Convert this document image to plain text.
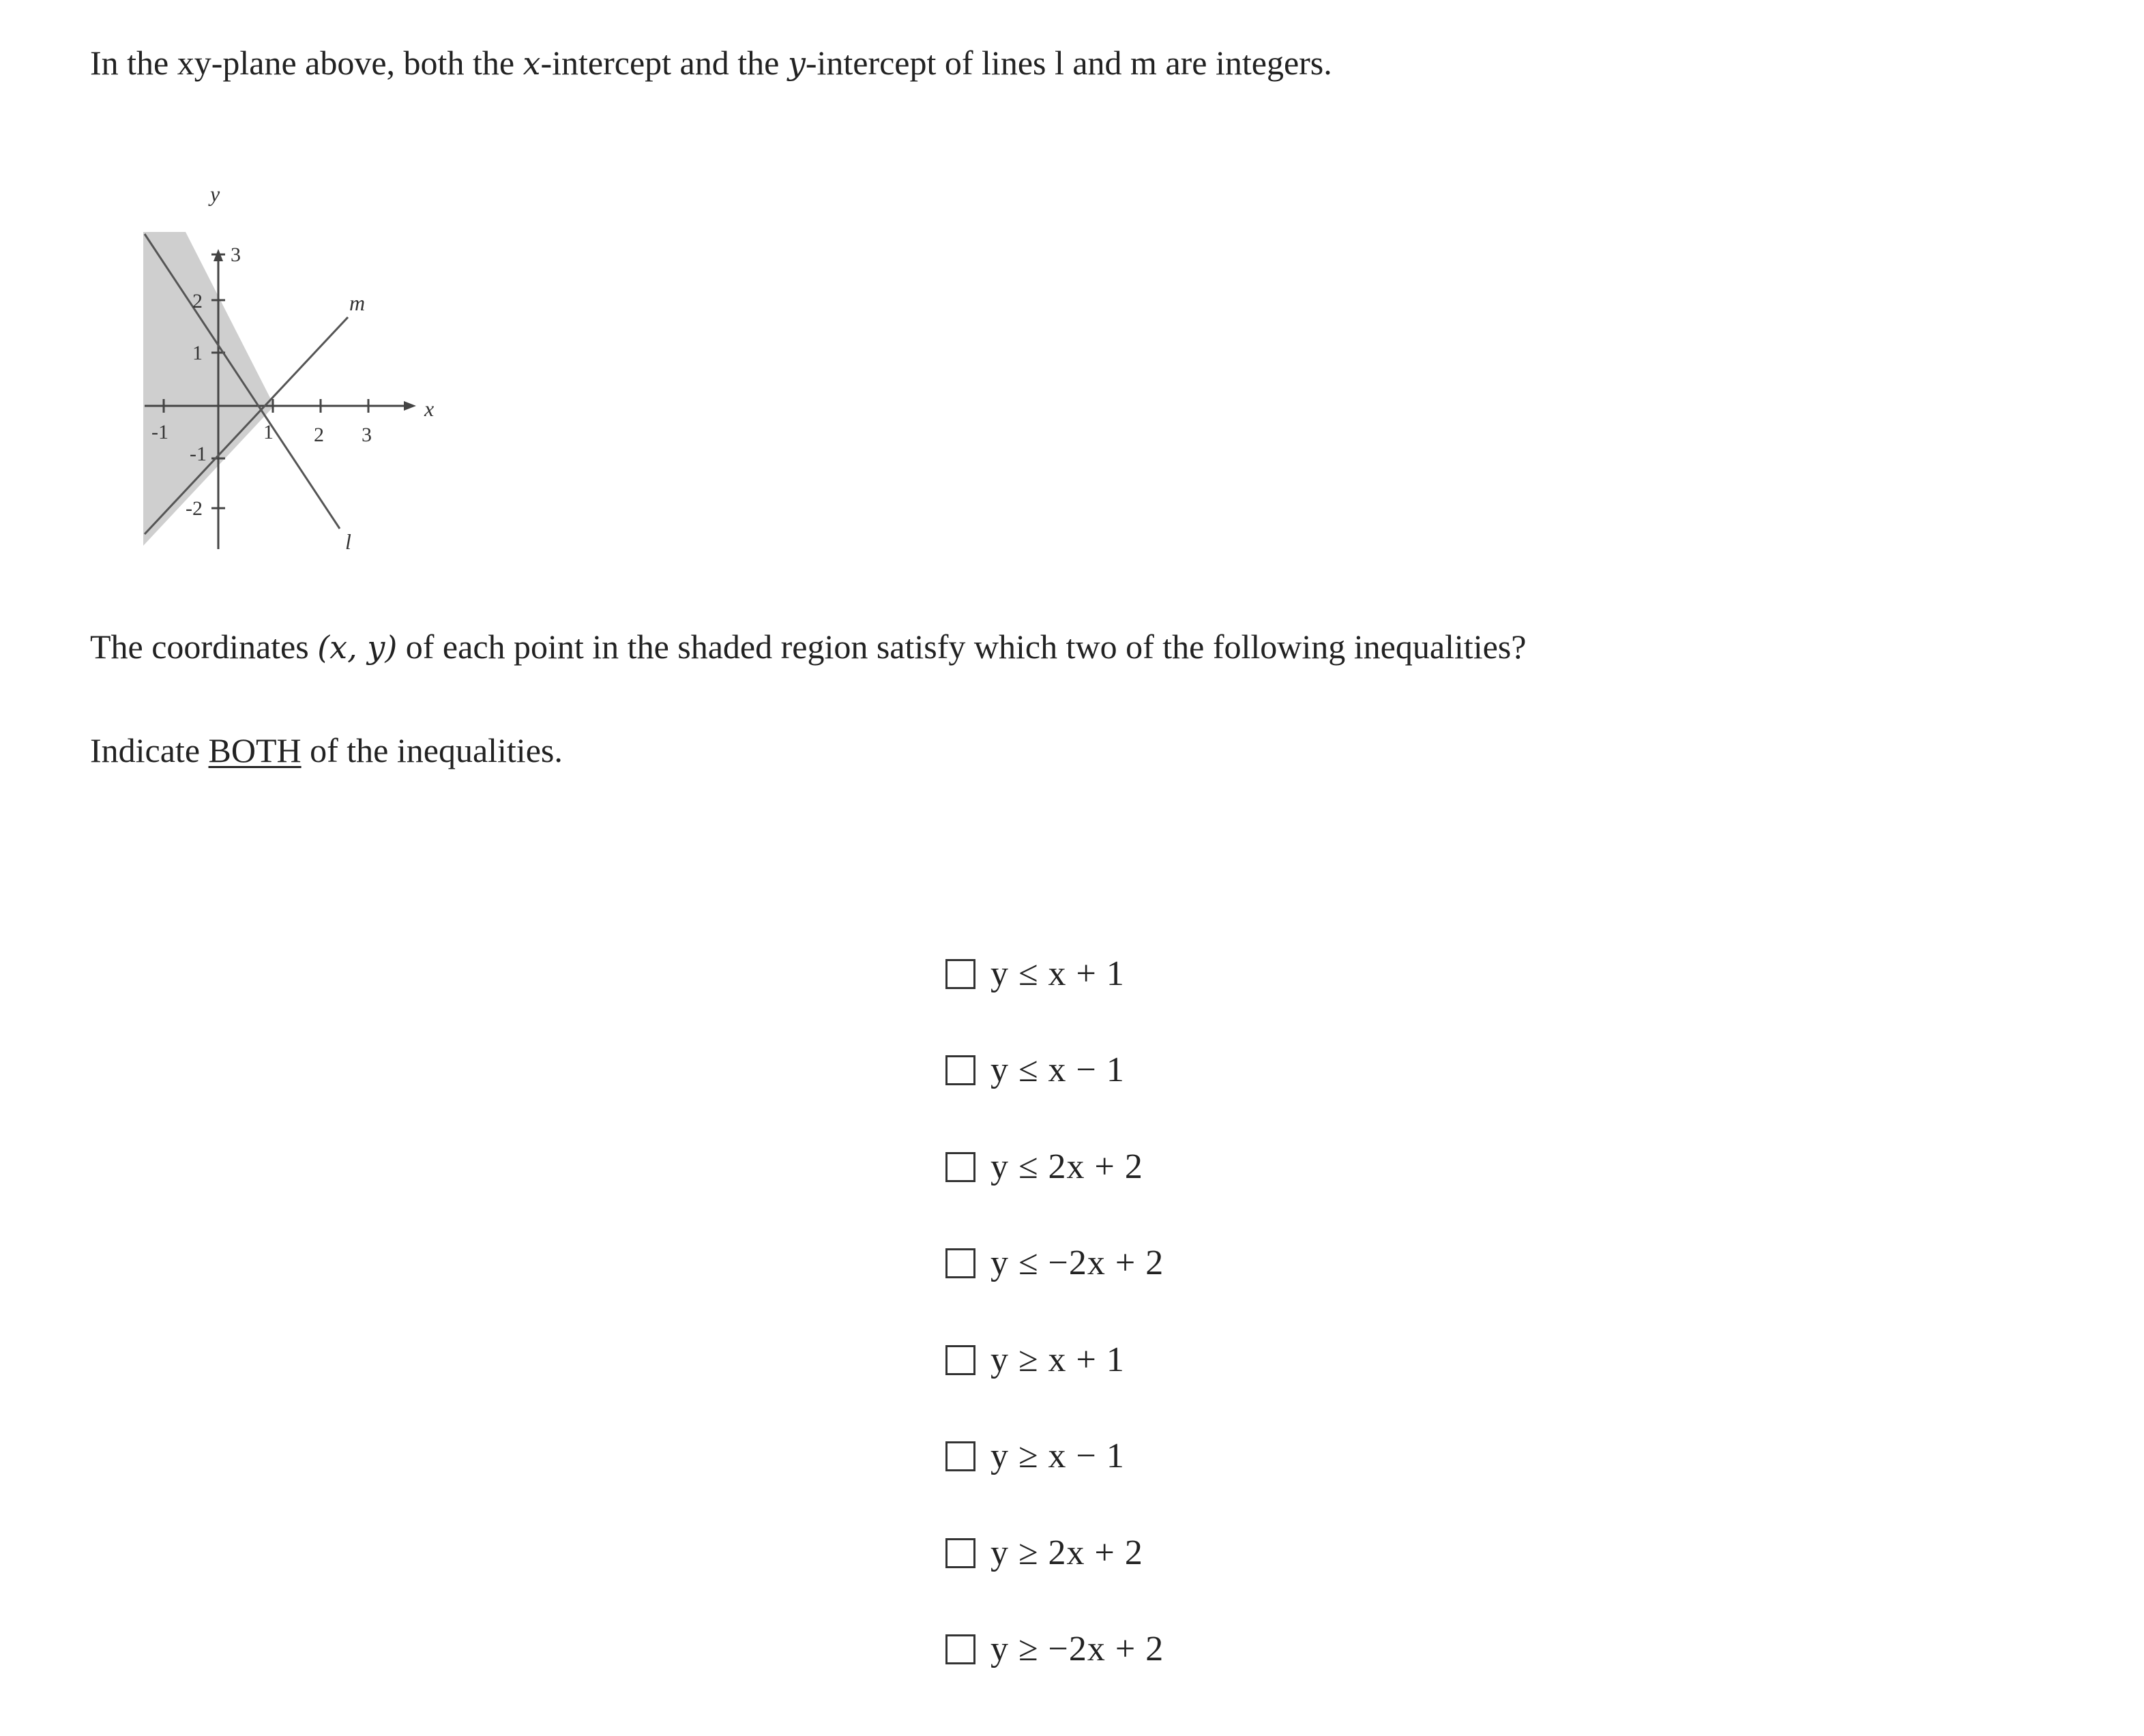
In the xy-plane above, both the x-intercept and the y-intercept of lines l and m are integers.
y
x
m
l
-1	1 2 3
3
2
1
-1
-2
The coordinates (x, y) of each point in the shaded region satisfy which two of the following inequalities?
Indicate BOTH of the inequalities.
y ≤ x + 1
y ≤ x − 1
y ≤ 2x + 2
y ≤ −2x + 2
y ≥ x + 1
y ≥ x − 1
y ≥ 2x + 2
y ≥ −2x + 2
